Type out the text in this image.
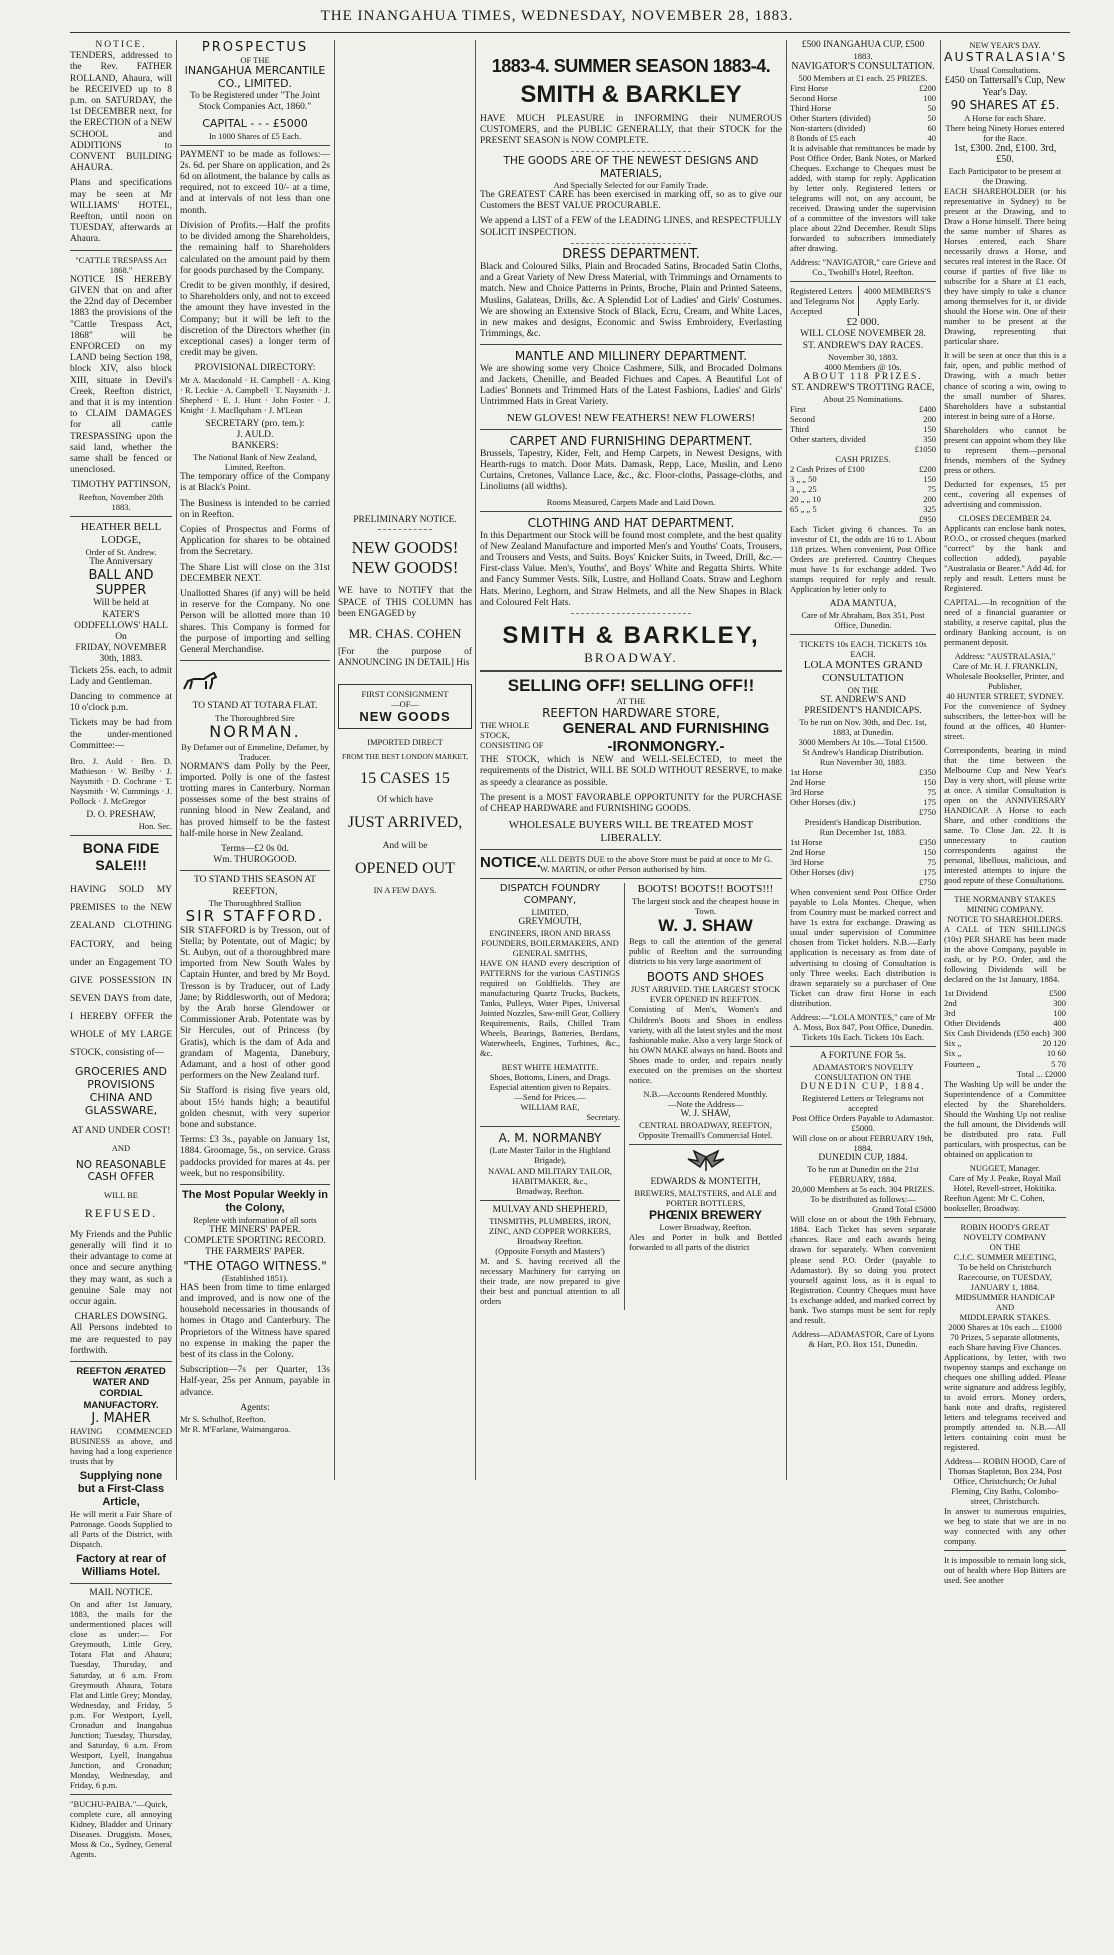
THE INANGAHUA TIMES, WEDNESDAY, NOVEMBER 28, 1883.
NOTICE.

TENDERS, addressed to the Rev. FATHER ROLLAND, Ahaura, will be RECEIVED up to 8 p.m. on SATURDAY, the 1st DECEMBER next, for the ERECTION of a NEW SCHOOL and ADDITIONS to CONVENT BUILDING AHAURA.

Plans and specifications may be seen at Mr WILLIAMS' HOTEL, Reefton, until noon on TUESDAY, afterwards at Ahaura.

"CATTLE TRESPASS Act 1868."

NOTICE IS HEREBY GIVEN that on and after the 22nd day of December 1883 the provisions of the "Cattle Trespass Act, 1868" will be ENFORCED on my LAND being Section 198, block XIV, also block XIII, situate in Devil's Creek, Reefton district, and that it is my intention to CLAIM DAMAGES for all cattle TRESPASSING upon the said land, whether the same shall be fenced or unenclosed.

TIMOTHY PATTINSON,
Reefton, November 20th 1883.
HEATHER BELL LODGE,
Order of St. Andrew.
The Anniversary
BALL AND SUPPER
Will be held at
KATER'S ODDFELLOWS' HALL
On
FRIDAY, NOVEMBER 30th, 1883.

Tickets 25s. each, to admit Lady and Gentleman.

Dancing to commence at 10 o'clock p.m.

Tickets may be had from the under-mentioned Committee:—

Bro. J. Auld · Bro. D. Mathieson · W. Beilby · J. Naysmith · D. Cochrane · T. Naysmith · W. Cummings · J. Pollock · J. McGregor

D. O. PRESHAW,
Hon. Sec.
BONA FIDE SALE!!!

HAVING SOLD MY PREMISES to the NEW ZEALAND CLOTHING FACTORY, and being under an Engagement TO GIVE POSSESSION IN SEVEN DAYS from date, I HEREBY OFFER the WHOLE of MY LARGE STOCK, consisting of—

GROCERIES AND PROVISIONS
CHINA AND GLASSWARE,
AT AND UNDER COST!
AND
NO REASONABLE CASH OFFER
WILL BE
REFUSED.

My Friends and the Public generally will find it to their advantage to come at once and secure anything they may want, as such a genuine Sale may not occur again.

CHARLES DOWSING.

All Persons indebted to me are requested to pay forthwith.

REEFTON ÆRATED
WATER AND CORDIAL
MANUFACTORY.
J. MAHER

HAVING COMMENCED BUSINESS as above, and having had a long experience trusts that by

Supplying none but a First-Class Article,

He will merit a Fair Share of Patronage. Goods Supplied to all Parts of the District, with Dispatch.

Factory at rear of Williams Hotel.
MAIL NOTICE.

On and after 1st January, 1883, the mails for the undermentioned places will close as under:— For Greymouth, Little Grey, Totara Flat and Ahaura; Tuesday, Thursday, and Saturday, at 6 a.m. From Greymouth Ahaura, Totara Flat and Little Grey; Monday, Wednesday, and Friday, 5 p.m. For Westport, Lyell, Cronadun and Inangahua Junction; Tuesday, Thursday, and Saturday, 6 a.m. From Westport, Lyell, Inangahua Junction, and Cronadun; Monday, Wednesday, and Friday, 6 p.m.

"BUCHU-PAIBA."—Quick, complete cure, all annoying Kidney, Bladder and Urinary Diseases. Druggists. Moses, Moss & Co., Sydney, General Agents.

PROSPECTUS
OF THE
INANGAHUA MERCANTILE CO., LIMITED.
To be Registered under "The Joint Stock Companies Act, 1860."
CAPITAL - - - £5000
In 1000 Shares of £5 Each.

PAYMENT to be made as follows:— 2s. 6d. per Share on application, and 2s 6d on allotment, the balance by calls as required, not to exceed 10/- at a time, and at intervals of not less than one month.

Division of Profits.—Half the profits to be divided among the Shareholders, the remaining half to Shareholders calculated on the amount paid by them for goods purchased by the Company.

Credit to be given monthly, if desired, to Shareholders only, and not to exceed the amount they have invested in the Company; but it will be left to the discretion of the Directors whether (in exceptional cases) a longer term of credit may be given.

PROVISIONAL DIRECTORY:

Mr A. Macdonald · H. Campbell · A. King · R. Leckie · A. Campbell · T. Naysmith · J. Shepherd · E. J. Hunt · John Foster · J. Knight · J. MacIlquham · J. M'Lean

SECRETARY (pro. tem.):
J. AULD.
BANKERS:
The National Bank of New Zealand, Limited, Reefton.

The temporary office of the Company is at Black's Point.

The Business is intended to be carried on in Reefton.

Copies of Prospectus and Forms of Application for shares to be obtained from the Secretary.

The Share List will close on the 31st DECEMBER NEXT.

Unallotted Shares (if any) will be held in reserve for the Company. No one Person will be allotted more than 10 shares. This Company is formed for the purpose of importing and selling General Merchandise.

TO STAND AT TOTARA FLAT.
The Thoroughbred Sire
NORMAN.
By Defamer out of Emmeline, Defamer, by Traducer.

NORMAN'S dam Polly by the Peer, imported. Polly is one of the fastest trotting mares in Canterbury. Norman possesses some of the best strains of running blood in New Zealand, and has proved himself to be the fastest half-mile horse in New Zealand.

Terms—£2 0s 0d.
Wm. THUROGOOD.
TO STAND THIS SEASON AT REEFTON,
The Thoroughbred Stallion
SIR STAFFORD.

SIR STAFFORD is by Tresson, out of Stella; by Potentate, out of Magic; by St. Aubyn, out of a thoroughbred mare imported from New South Wales by Captain Hunter, and bred by Mr Boyd. Tresson is by Traducer, out of Lady Jane; by Riddlesworth, out of Medora; by the Arab horse Glendower or Commissioner Arab. Potentate was by Sir Hercules, out of Princess (by Gratis), which is the dam of Ada and grandam of Magenta, Danebury, Adamant, and a host of other good performers on the New Zealand turf.

Sir Stafford is rising five years old, about 15½ hands high; a beautiful golden chesnut, with very superior bone and substance.

Terms: £3 3s., payable on January 1st, 1884. Groomage, 5s., on service. Grass paddocks provided for mares at 4s. per week, but no responsibility.

The Most Popular Weekly in the Colony,
Replete with information of all sorts
THE MINERS' PAPER.
COMPLETE SPORTING RECORD.
THE FARMERS' PAPER.
"THE OTAGO WITNESS."
(Established 1851).

HAS been from time to time enlarged and improved, and is now one of the household necessaries in thousands of homes in Otago and Canterbury. The Proprietors of the Witness have spared no expense in making the paper the best of its class in the Colony.

Subscription—7s per Quarter, 13s Half-year, 25s per Annum, payable in advance.

Agents:
Mr S. Schulhof, Reefton.
Mr R. M'Farlane, Waimangaroa.
PRELIMINARY NOTICE.
NEW GOODS!
NEW GOODS!

WE have to NOTIFY that the SPACE of THIS COLUMN has been ENGAGED by

MR. CHAS. COHEN

[For the purpose of ANNOUNCING IN DETAIL] His

FIRST CONSIGNMENT
—OF—
NEW GOODS
IMPORTED DIRECT
FROM THE BEST LONDON MARKET,
15 CASES 15
Of which have
JUST ARRIVED,
And will be
OPENED OUT
IN A FEW DAYS.
1883-4. SUMMER SEASON 1883-4.
SMITH & BARKLEY

HAVE MUCH PLEASURE in INFORMING their NUMEROUS CUSTOMERS, and the PUBLIC GENERALLY, that their STOCK for the PRESENT SEASON is NOW COMPLETE.

THE GOODS ARE OF THE NEWEST DESIGNS AND MATERIALS,
And Specially Selected for our Family Trade.

The GREATEST CARE has been exercised in marking off, so as to give our Customers the BEST VALUE PROCURABLE.

We append a LIST of a FEW of the LEADING LINES, and RESPECTFULLY SOLICIT INSPECTION.

DRESS DEPARTMENT.

Black and Coloured Silks, Plain and Brocaded Satins, Brocaded Satin Cloths, and a Great Variety of New Dress Material, with Trimmings and Ornaments to match. New and Choice Patterns in Prints, Broche, Plain and Printed Sateens, Muslins, Galateas, Drills, &c. A Splendid Lot of Ladies' and Girls' Costumes. We are showing an Extensive Stock of Black, Ecru, Cream, and White Laces, in new makes and designs, Economic and Swiss Embroidery, Everlasting Trimmings, &c.

MANTLE AND MILLINERY DEPARTMENT.

We are showing some very Choice Cashmere, Silk, and Brocaded Dolmans and Jackets, Chenille, and Beaded Fichues and Capes. A Beautiful Lot of Ladies' Bonnets and Trimmed Hats of the Latest Fashions, Ladies' and Girls' Untrimmed Hats in Great Variety.

NEW GLOVES! NEW FEATHERS! NEW FLOWERS!
CARPET AND FURNISHING DEPARTMENT.

Brussels, Tapestry, Kider, Felt, and Hemp Carpets, in Newest Designs, with Hearth-rugs to match. Door Mats. Damask, Repp, Lace, Muslin, and Leno Curtains, Cretones, Vallance Lace, &c., &c. Floor-cloths, Passage-cloths, and Linoliums (all widths).

Rooms Measured, Carpets Made and Laid Down.
CLOTHING AND HAT DEPARTMENT.

In this Department our Stock will be found most complete, and the best quality of New Zealand Manufacture and imported Men's and Youths' Coats, Trousers, and Trousers and Vests, and Suits. Boys' Knicker Suits, in Tweed, Drill, &c.—First-class Value. Men's, Youths', and Boys' White and Regatta Shirts. White and Fancy Summer Vests. Silk, Lustre, and Holland Coats. Straw and Leghorn Hats. Merino, Leghorn, and Straw Helmets, and all the New Shapes in Black and Coloured Felt Hats.

SMITH & BARKLEY,
BROADWAY.
SELLING OFF! SELLING OFF!!
AT THE
REEFTON HARDWARE STORE,
THE WHOLE STOCK, CONSISTING OF
GENERAL AND FURNISHING
-IRONMONGRY.-

THE STOCK, which is NEW and WELL-SELECTED, to meet the requirements of the District, WILL BE SOLD WITHOUT RESERVE, to make as speedy a clearance as possible.

The present is a MOST FAVORABLE OPPORTUNITY for the PURCHASE of CHEAP HARDWARE and FURNISHING GOODS.

WHOLESALE BUYERS WILL BE TREATED MOST LIBERALLY.
NOTICE. ALL DEBTS DUE to the above Store must be paid at once to Mr G. W. MARTIN, or other Person authorised by him.
DISPATCH FOUNDRY COMPANY,
LIMITED,
GREYMOUTH,
ENGINEERS, IRON AND BRASS FOUNDERS, BOILERMAKERS, AND GENERAL SMITHS,

HAVE ON HAND every description of PATTERNS for the various CASTINGS required on Goldfields. They are manufacturing Quartz Trucks, Buckets, Tanks, Pulleys, Water Pipes, Universal Jointed Nozzles, Saw-mill Gear, Colliery Requirements, Rails, Chilled Tram Wheels, Bearings, Batteries, Berdans, Waterwheels, Engines, Turbines, &c., &c.

BEST WHITE HEMATITE.
Shoes, Bottoms, Liners, and Drags.
Especial attention given to Repairs.
—Send for Prices.—
WILLIAM RAE,
Secretary.
A. M. NORMANBY
(Late Master Tailor in the Highland Brigade),
NAVAL AND MILITARY TAILOR, HABITMAKER, &c.,
Broadway, Reefton.
MULVAY AND SHEPHERD,
TINSMITHS, PLUMBERS, IRON, ZINC, AND COPPER WORKERS,
Broadway Reefton.
(Opposite Forsyth and Masters')

M. and S. having received all the necessary Machinery for carrying on their trade, are now prepared to give their best and punctual attention to all orders

BOOTS! BOOTS!! BOOTS!!!
The largest stock and the cheapest house in Town.
W. J. SHAW

Begs to call the attention of the general public of Reefton and the surrounding districts to his very large assortment of

BOOTS AND SHOES
JUST ARRIVED. THE LARGEST STOCK EVER OPENED IN REEFTON.

Consisting of Men's, Women's and Children's Boots and Shoes in endless variety, with all the latest styles and the most fashionable make. Also a very large Stock of his OWN MAKE always on hand. Boots and Shoes made to order, and repairs neatly executed on the premises on the shortest notice.

N.B.—Accounts Rendered Monthly.
—Note the Address—
W. J. SHAW,
CENTRAL BROADWAY, REEFTON,
Opposite Tremaill's Commercial Hotel.
EDWARDS & MONTEITH,
BREWERS, MALTSTERS, and ALE and PORTER BOTTLERS,
PHŒNIX BREWERY
Lower Broadway, Reefton.

Ales and Porter in bulk and Bottled forwarded to all parts of the district

£500 INANGAHUA CUP, £500
1883.
NAVIGATOR'S CONSULTATION.
500 Members at £1 each. 25 PRIZES.
First Horse	£200
Second Horse	100
Third Horse	50
Other Starters (divided)	50
Non-starters (divided)	60
8 Bonds of £5 each	40

It is advisable that remittances be made by Post Office Order, Bank Notes, or Marked Cheques. Exchange to Cheques must be added, with stamp for reply. Application by letter only. Registered letters or telegrams will not, on any account, be received. Drawing under the supervision of a committee of the investors will take place about 22nd December. Result Slips forwarded to subscribers immediately after drawing.

Address: "NAVIGATOR," care Grieve and Co., Twohill's Hotel, Reefton.
Registered Letters and Telegrams Not Accepted
4000 MEMBERS'S Apply Early.
£2 000.
WILL CLOSE NOVEMBER 28.
ST. ANDREW'S DAY RACES.
November 30, 1883.
4000 Members @ 10s.
ABOUT 118 PRIZES.
ST. ANDREW'S TROTTING RACE,
About 25 Nominations.
First	£400
Second	200
Third	150
Other starters, divided	350
£1050
CASH PRIZES.
2 Cash Prizes of £100	£200
3 „ „ 50	150
3 „ „ 25	75
20 „ „ 10	200
65 „ „ 5	325
£950

Each Ticket giving 6 chances. To an investor of £1, the odds are 16 to 1. About 118 prizes. When convenient, Post Office Orders are preferred. Country Cheques must have 1s for exchange added. Two stamps required for reply and result. Application by letter only to

ADA MANTUA,
Care of Mr Abraham, Box 351, Post Office, Dunedin.
TICKETS 10s EACH. TICKETS 10s EACH.
LOLA MONTES GRAND CONSULTATION
ON THE
ST. ANDREW'S AND PRESIDENT'S HANDICAPS.
To be run on Nov. 30th, and Dec. 1st, 1883, at Dunedin.
3000 Members At 10s.—Total £1500.
St Andrew's Handicap Distribution.
Run November 30, 1883.
1st Horse	£350
2nd Horse	150
3rd Horse	75
Other Horses (div.)	175
£750
President's Handicap Distribution.
Run December 1st, 1883.
1st Horse	£350
2nd Horse	150
3rd Horse	75
Other Horses (div)	175
£750

When convenient send Post Office Order payable to Lola Montes. Cheque, when from Country must be marked correct and have 1s extra for exchange. Drawing as usual under supervision of Committee chosen from Ticket holders. N.B.—Early application is necessary as from date of advertising to closing of Consultation is only Three weeks. Each distribution is drawn separately so a purchaser of One Ticket can draw first Horse in each distribution.

Address:—"LOLA MONTES," care of Mr A. Moss, Box 847, Post Office, Dunedin.
Tickets 10s Each. Tickets 10s Each.
A FORTUNE FOR 5s.
ADAMASTOR'S NOVELTY CONSULTATION ON THE
DUNEDIN CUP, 1884.
Registered Letters or Telegrams not accepted
Post Office Orders Payable to Adamastor.
£5000.
Will close on or about FEBRUARY 19th, 1884.
DUNEDIN CUP, 1884.
To be run at Dunedin on the 21st FEBRUARY, 1884.
20,000 Members at 5s each. 304 PRIZES.
To be distributed as follows:—
Grand Total £5000

Will close on or about the 19th February, 1884. Each Ticket has seven separate chances. Race and each awards being drawn for separately. When convenient please send P.O. Order (payable to Adamastor). By so doing you protect yourself against loss, as it is equal to Registration. Country Cheques must have 1s exchange added, and marked correct by bank. Two stamps must be sent for reply and result.

Address—ADAMASTOR, Care of Lyons & Hart, P.O. Box 151, Dunedin.
NEW YEAR'S DAY.
AUSTRALASIA'S
Usual Consultations.
£450 on Tattersall's Cup, New Year's Day.
90 SHARES AT £5.
A Horse for each Share.
There being Ninety Horses entered for the Race.
1st, £300. 2nd, £100. 3rd, £50.
Each Participator to be present at the Drawing.

EACH SHAREHOLDER (or his representative in Sydney) to be present at the Drawing, and to Draw a Horse himself. There being the same number of Shares as Horses entered, each Share necessarily draws a Horse, and secures real interest in the Race. Of course if parties of five like to subscribe for a Share at £1 each, they have simply to take a chance among themselves for it, or divide should the Horse win. One of their number to be present at the Drawing, representing that particular share.

It will be seen at once that this is a fair, open, and public method of Drawing, with a much better chance of scoring a win, owing to the small number of Shares. Shareholders have a substantial interest in being sure of a Horse.

Shareholders who cannot be present can appoint whom they like to represent them—personal friends, members of the Sydney press or others.

Deducted for expenses, 15 per cent., covering all expenses of advertising and commission.

CLOSES DECEMBER 24.

Applicants can enclose bank notes, P.O.O., or crossed cheques (marked "correct" by the bank and collection added), payable "Australasia or Bearer." Add 4d. for reply and result. Letters must be Registered.

CAPITAL.—In recognition of the need of a financial guarantee or stability, a reserve capital, plus the ordinary Banking account, is on permanent deposit.

Address: "AUSTRALASIA,"
Care of Mr. H. J. FRANKLIN, Wholesale Bookseller, Printer, and Publisher,
40 HUNTER STREET, SYDNEY.

For the convenience of Sydney subscribers, the letter-box will be found at the offices, 40 Hunter-street.

Correspondents, bearing in mind that the time between the Melbourne Cup and New Year's Day is very short, will please write at once. A similar Consultation is open on the ANNIVERSARY HANDICAP. A Horse to each Share, and other conditions the same. To Close Jan. 22. It is unnecessary to caution correspondents against the personal, libellous, malicious, and interested attempts to injure the good repute of these Consultations.

THE NORMANBY STAKES MINING COMPANY.
NOTICE TO SHAREHOLDERS.

A CALL of TEN SHILLINGS (10s) PER SHARE has been made in the above Company, payable in cash, or by P.O. Order, and the following Dividends will be declared on the 1st January, 1884.

1st Dividend	£500
2nd	300
3rd	100
Other Dividends	400
Six Cash Dividends (£50 each) 300
Six „	20 120
Six „	10 60
Fourteen „	5 70
Total ... £2000

The Washing Up will be under the Superintendence of a Committee elected by the Shareholders. Should the Washing Up not realise the full amount, the Dividends will be distributed pro rata. Full particulars, with prospectus, can be obtained on application to

NUGGET, Manager.
Care of My J. Peake, Royal Mail Hotel, Revell-street, Hokitika.
Reefton Agent: Mr C. Cohen, bookseller, Broadway.
ROBIN HOOD'S GREAT NOVELTY COMPANY
ON THE
C.J.C. SUMMER MEETING,
To be held on Christchurch Racecourse, on TUESDAY, JANUARY 1, 1884.
MIDSUMMER HANDICAP
AND
MIDDLEPARK STAKES.
2000 Shares at 10s each ... £1000
70 Prizes, 5 separate allotments, each Share having Five Chances.

Applications, by letter, with two twopenny stamps and exchange on cheques one shilling added. Please write signature and address legibly, to avoid errors. Money orders, bank note and drafts, registered letters and telegrams received and promptly attended to. N.B.—All letters containing coin must be registered.

Address— ROBIN HOOD, Care of Thomas Stapleton, Box 234, Post Office, Christchurch; Or Jubal Fleming, City Baths, Colombo-street, Christchurch.

In answer to numerous enquiries, we beg to state that we are in no way connected with any other company.

It is impossible to remain long sick, out of health where Hop Bitters are used. See another
